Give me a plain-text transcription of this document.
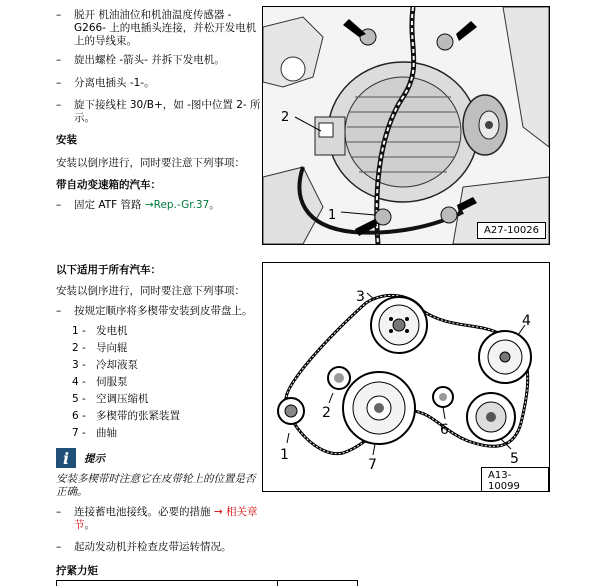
–	脱开 机油油位和机油温度传感器 -G266- 上的电插头连接，并松开发电机上的导线束。
–	旋出螺栓 -箭头- 并拆下发电机。
–	分离电插头 -1-。
–	旋下接线柱 30/B+，如 -图中位置 2- 所示。
安装
安装以倒序进行，同时要注意下列事项：
带自动变速箱的汽车：
–	固定 ATF 管路 →Rep.-Gr.37。
以下适用于所有汽车：
安装以倒序进行，同时要注意下列事项：
–	按规定顺序将多楔带安装到皮带盘上。
1 - 发电机
2 - 导向辊
3 - 冷却液泵
4 - 伺服泵
5 - 空调压缩机
6 - 多楔带的张紧装置
7 - 曲轴
i	提示
安装多楔带时注意它在皮带轮上的位置是否正确。
–	连接蓄电池接线。必要的措施 → 相关章节。
–	起动发动机并检查皮带运转情况。
拧紧力矩
2
1
A27-10026
1
2
3
4
5
6
7
A13-10099
